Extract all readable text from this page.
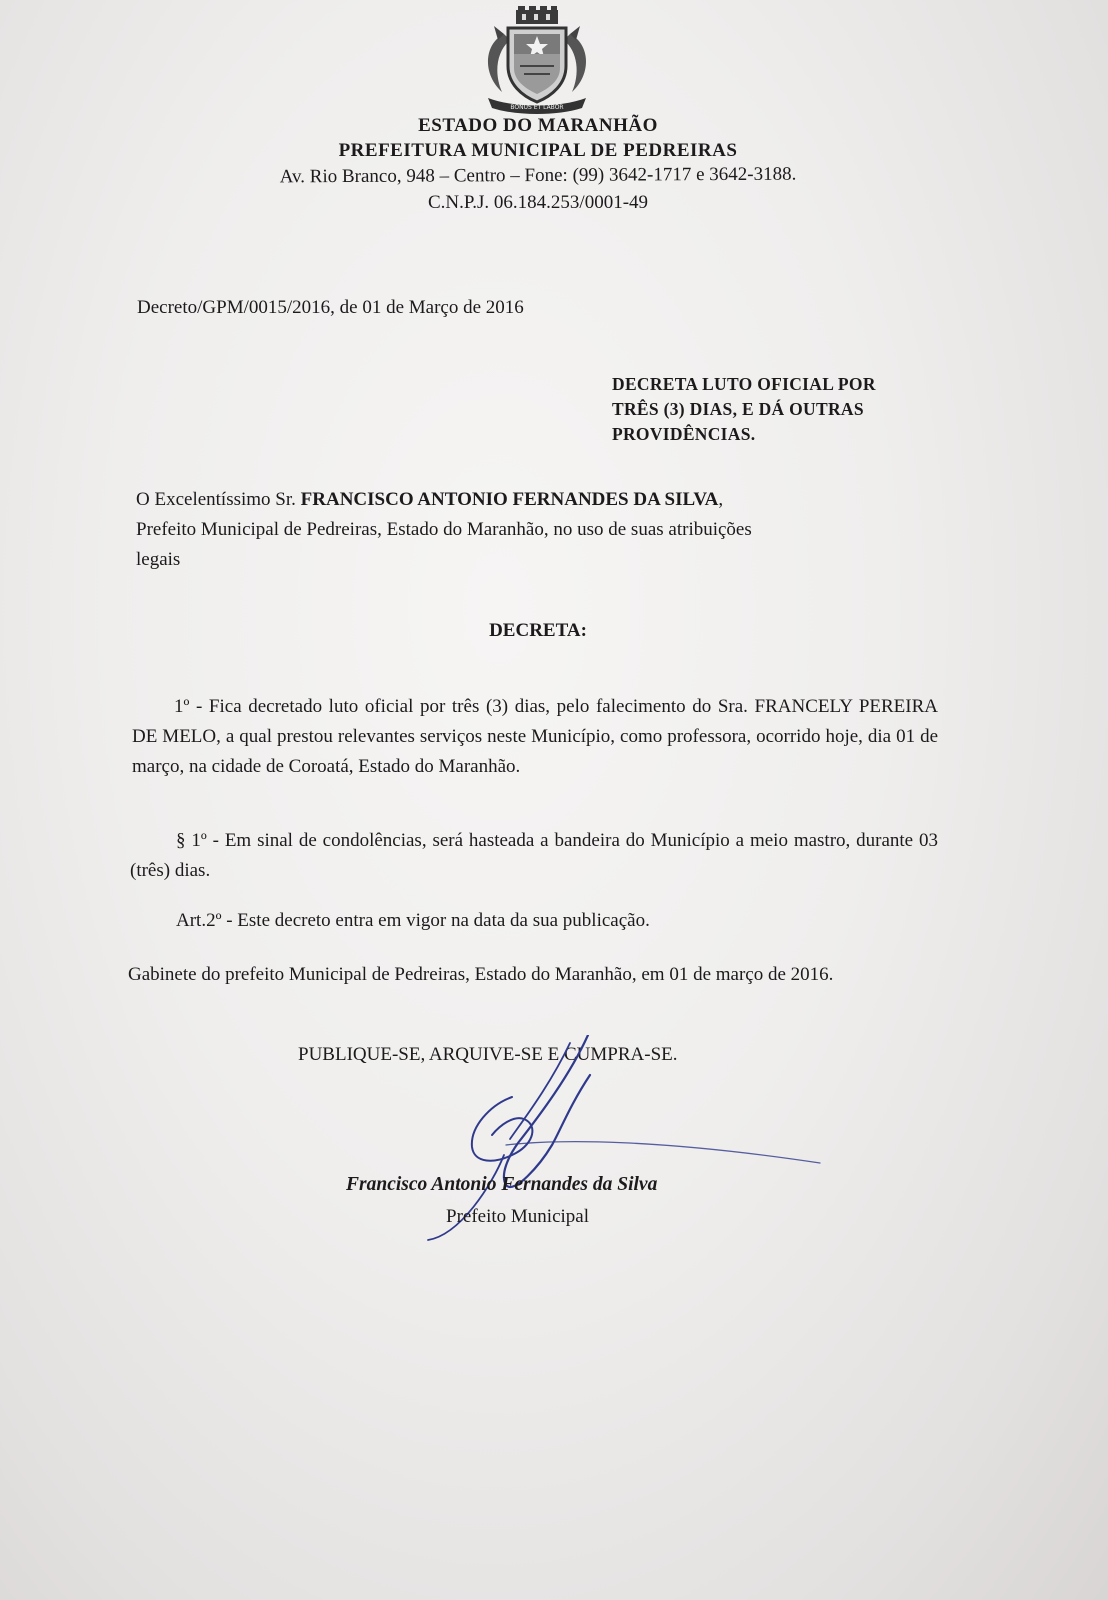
BONUS ET LABOR
ESTADO DO MARANHÃO
PREFEITURA MUNICIPAL DE PEDREIRAS
Av. Rio Branco, 948 – Centro – Fone: (99) 3642-1717 e 3642-3188.
C.N.P.J. 06.184.253/0001-49
Decreto/GPM/0015/2016, de 01 de Março de 2016
DECRETA LUTO OFICIAL POR
TRÊS (3) DIAS, E DÁ OUTRAS
PROVIDÊNCIAS.
O Excelentíssimo Sr. FRANCISCO ANTONIO FERNANDES DA SILVA,
Prefeito Municipal de Pedreiras, Estado do Maranhão, no uso de suas atribuições
legais
DECRETA:
1º - Fica decretado luto oficial por três (3) dias, pelo falecimento do Sra. FRANCELY PEREIRA DE MELO, a qual prestou relevantes serviços neste Município, como professora, ocorrido hoje, dia 01 de março, na cidade de Coroatá, Estado do Maranhão.
§ 1º - Em sinal de condolências, será hasteada a bandeira do Município a meio mastro, durante 03 (três) dias.
Art.2º - Este decreto entra em vigor na data da sua publicação.
Gabinete do prefeito Municipal de Pedreiras, Estado do Maranhão, em 01 de março de 2016.
PUBLIQUE-SE, ARQUIVE-SE E CUMPRA-SE.
Francisco Antonio Fernandes da Silva
Prefeito Municipal
